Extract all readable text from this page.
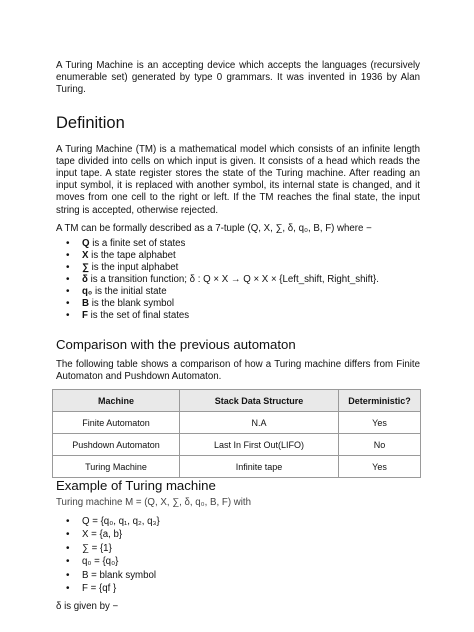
A Turing Machine is an accepting device which accepts the languages (recursively enumerable set) generated by type 0 grammars. It was invented in 1936 by Alan Turing.

Definition

A Turing Machine (TM) is a mathematical model which consists of an infinite length tape divided into cells on which input is given. It consists of a head which reads the input tape. A state register stores the state of the Turing machine. After reading an input symbol, it is replaced with another symbol, its internal state is changed, and it moves from one cell to the right or left. If the TM reaches the final state, the input string is accepted, otherwise rejected.

A TM can be formally described as a 7-tuple (Q, X, ∑, δ, q₀, B, F) where −

• Q is a finite set of states
• X is the tape alphabet
• ∑ is the input alphabet
• δ is a transition function; δ : Q × X → Q × X × {Left_shift, Right_shift}.
• q₀ is the initial state
• B is the blank symbol
• F is the set of final states
Comparison with the previous automaton

The following table shows a comparison of how a Turing machine differs from Finite Automaton and Pushdown Automaton.

Machine	Stack Data Structure	Deterministic?
Finite Automaton	N.A	Yes
Pushdown Automaton	Last In First Out(LIFO)	No
Turing Machine	Infinite tape	Yes
Example of Turing machine

Turing machine M = (Q, X, ∑, δ, q₀, B, F) with

• Q = {q₀, q₁, q₂, q₃}
• X = {a, b}
• ∑ = {1}
• q₀ = {q₀}
• B = blank symbol
• F = {qf }

δ is given by −
